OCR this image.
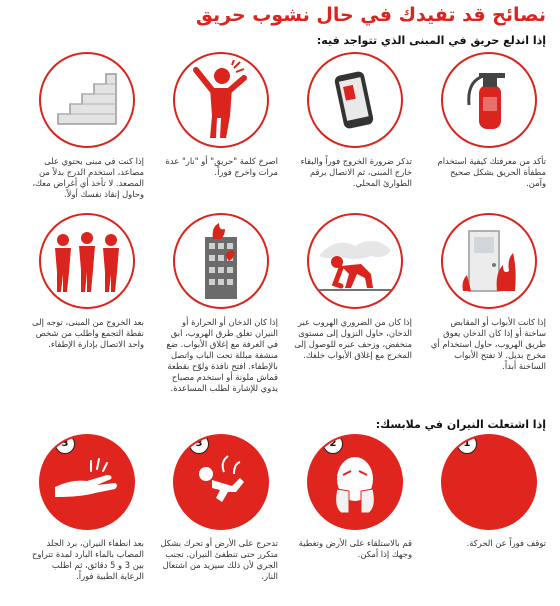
نصائح قد تفيدك في حال نشوب حريق
إذا اندلع حريق في المبنى الذي تتواجد فيه:
تأكد من معرفتك كيفية استخدام مطفأة الحريق بشكل صحيح وآمن.
تذكر ضرورة الخروج فوراً والبقاء خارج المبنى، ثم الاتصال برقم الطوارئ المحلي.
اصرخ كلمة "حريق" أو "نار" عدة مرات واخرج فوراً.
إذا كنت في مبنى يحتوي على مصاعد، استخدم الدرج بدلاً من المصعد. لا تأخذ أي أغراض معك، وحاول إنقاذ نفسك أولاً.
إذا كانت الأبواب أو المقابض ساخنة أو إذا كان الدخان يعوق طريق الهروب، حاول استخدام أي مخرج بديل. لا تفتح الأبواب الساخنة أبداً.
إذا كان من الضروري الهروب عبر الدخان، حاول النزول إلى مستوى منخفض، وزحف عبره للوصول إلى المخرج مع إغلاق الأبواب خلفك.
إذا كان الدخان أو الحرارة أو النيران تغلق طرق الهروب، ابق في الغرفة مع إغلاق الأبواب. ضع منشفة مبللة تحت الباب واتصل بالإطفاء. افتح نافذة ولوّح بقطعة قماش ملونة أو استخدم مصباح يدوي للإشارة لطلب المساعدة.
بعد الخروج من المبنى، توجه إلى نقطة التجمع واطلب من شخص واحد الاتصال بإدارة الإطفاء.
إذا اشتعلت النيران في ملابسك:
1
توقف فوراً عن الحركة.
2
قم بالاستلقاء على الأرض وتغطية وجهك إذا أمكن.
3
تدحرج على الأرض أو تحرك بشكل متكرر حتى تنطفئ النيران. تجنب الجري لأن ذلك سيزيد من اشتعال النار.
3
بعد انطفاء النيران، برد الجلد المصاب بالماء البارد لمدة تتراوح بين 3 و 5 دقائق، ثم اطلب الرعاية الطبية فوراً.
